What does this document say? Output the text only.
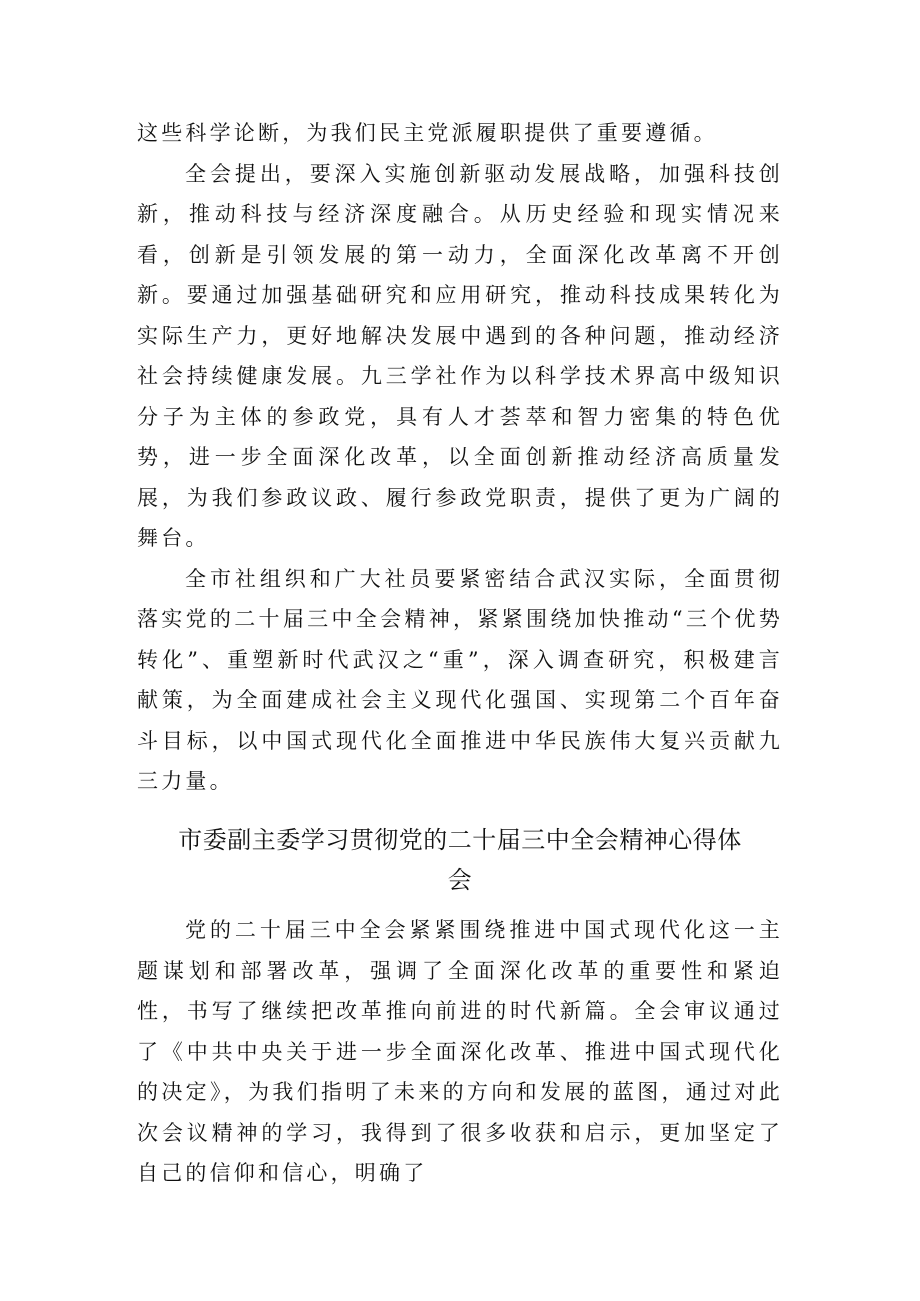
这些科学论断，为我们民主党派履职提供了重要遵循。

全会提出，要深入实施创新驱动发展战略，加强科技创新，推动科技与经济深度融合。从历史经验和现实情况来看，创新是引领发展的第一动力，全面深化改革离不开创新。要通过加强基础研究和应用研究，推动科技成果转化为实际生产力，更好地解决发展中遇到的各种问题，推动经济社会持续健康发展。九三学社作为以科学技术界高中级知识分子为主体的参政党，具有人才荟萃和智力密集的特色优势，进一步全面深化改革，以全面创新推动经济高质量发展，为我们参政议政、履行参政党职责，提供了更为广阔的舞台。

全市社组织和广大社员要紧密结合武汉实际，全面贯彻落实党的二十届三中全会精神，紧紧围绕加快推动“三个优势转化”、重塑新时代武汉之“重”，深入调查研究，积极建言献策，为全面建成社会主义现代化强国、实现第二个百年奋斗目标，以中国式现代化全面推进中华民族伟大复兴贡献九三力量。

市委副主委学习贯彻党的二十届三中全会精神心得体
会

党的二十届三中全会紧紧围绕推进中国式现代化这一主题谋划和部署改革，强调了全面深化改革的重要性和紧迫性，书写了继续把改革推向前进的时代新篇。全会审议通过了《中共中央关于进一步全面深化改革、推进中国式现代化的决定》，为我们指明了未来的方向和发展的蓝图，通过对此次会议精神的学习，我得到了很多收获和启示，更加坚定了自己的信仰和信心，明确了
